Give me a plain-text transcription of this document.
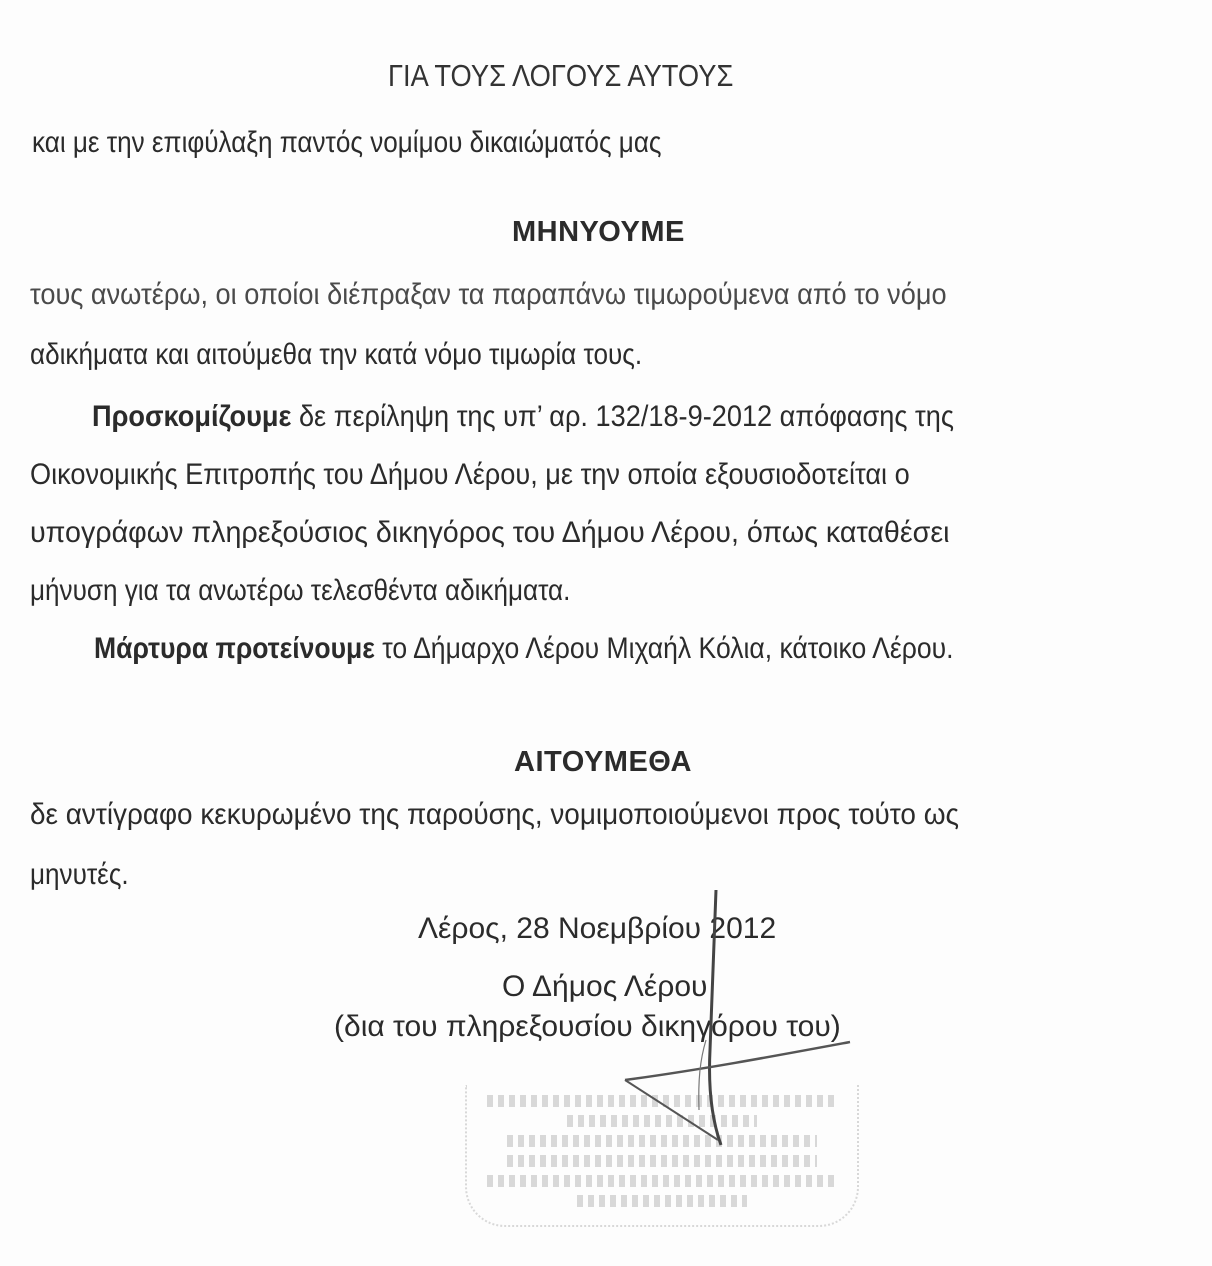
ΓΙΑ ΤΟΥΣ ΛΟΓΟΥΣ ΑΥΤΟΥΣ
και με την επιφύλαξη παντός νομίμου δικαιώματός μας
ΜΗΝΥΟΥΜΕ
τους ανωτέρω, οι οποίοι διέπραξαν τα παραπάνω τιμωρούμενα από το νόμο
αδικήματα και αιτούμεθα την κατά νόμο τιμωρία τους.
Προσκομίζουμε δε περίληψη της υπ’ αρ. 132/18-9-2012 απόφασης της
Οικονομικής Επιτροπής του Δήμου Λέρου, με την οποία εξουσιοδοτείται ο
υπογράφων πληρεξούσιος δικηγόρος του Δήμου Λέρου, όπως καταθέσει
μήνυση για τα ανωτέρω τελεσθέντα αδικήματα.
Μάρτυρα προτείνουμε το Δήμαρχο Λέρου Μιχαήλ Κόλια, κάτοικο Λέρου.
ΑΙΤΟΥΜΕΘΑ
δε αντίγραφο κεκυρωμένο της παρούσης, νομιμοποιούμενοι προς τούτο ως
μηνυτές.
Λέρος, 28 Νοεμβρίου 2012
Ο Δήμος Λέρου
(δια του πληρεξουσίου δικηγόρου του)
